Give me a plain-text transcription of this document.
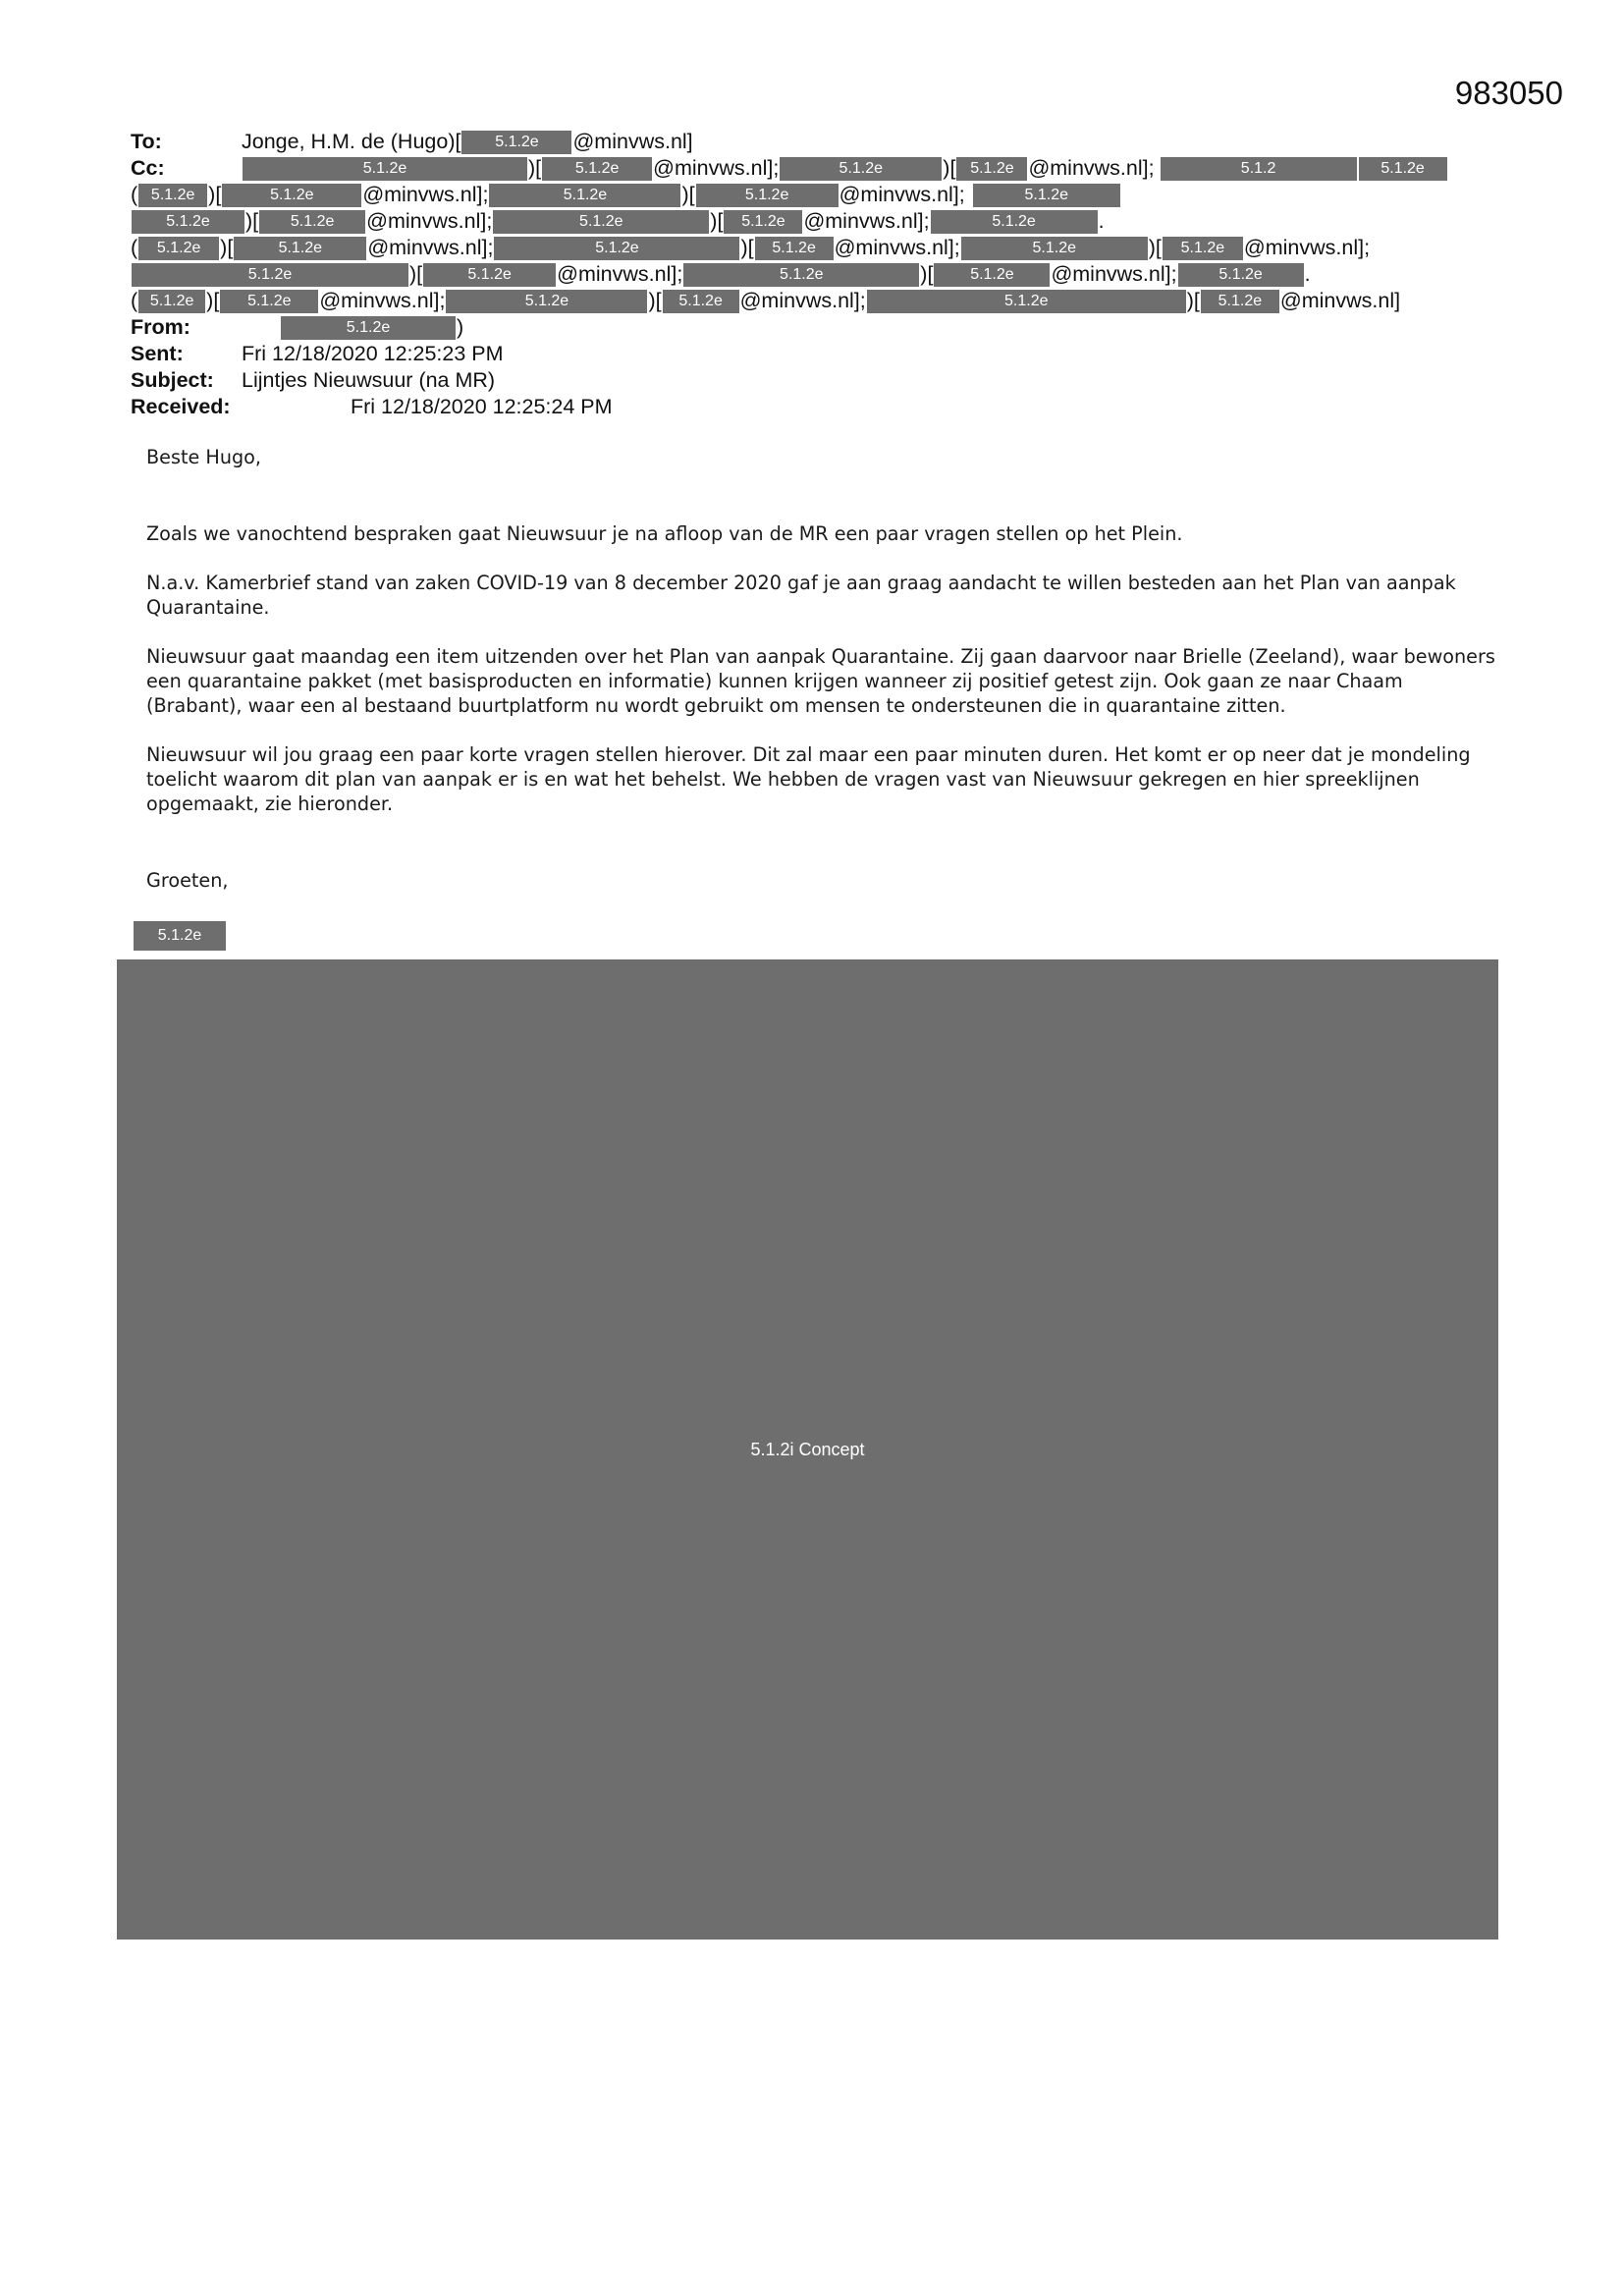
983050
To:	Jonge, H.M. de (Hugo)[	5.1.2e	@minvws.nl]
Cc:	5.1.2e	)[	5.1.2e	@minvws.nl];	5.1.2e	)[ 5.1.2e @minvws.nl];	5.1.2	5.1.2e
( 5.1.2e )[	5.1.2e	@minvws.nl];	5.1.2e	)[	5.1.2e	@minvws.nl];	5.1.2e
5.1.2e	)[	5.1.2e	@minvws.nl];	5.1.2e	)[	5.1.2e @minvws.nl];	5.1.2e	.
(	5.1.2e )[	5.1.2e	@minvws.nl];	5.1.2e	)[	5.1.2e @minvws.nl];	5.1.2e	)[	5.1.2e @minvws.nl];
5.1.2e	)[	5.1.2e	@minvws.nl];	5.1.2e	)[	5.1.2e	@minvws.nl];	5.1.2e	.
( 5.1.2e )[	5.1.2e	@minvws.nl];	5.1.2e	)[	5.1.2e @minvws.nl];	5.1.2e	)[	5.1.2e @minvws.nl]
From:	5.1.2e	)
Sent:	Fri 12/18/2020 12:25:23 PM
Subject:	Lijntjes Nieuwsuur (na MR)
Received:	Fri 12/18/2020 12:25:24 PM

Beste Hugo,

Zoals we vanochtend bespraken gaat Nieuwsuur je na afloop van de MR een paar vragen stellen op het Plein.

N.a.v. Kamerbrief stand van zaken COVID-19 van 8 december 2020 gaf je aan graag aandacht te willen besteden aan het Plan van aanpak Quarantaine.

Nieuwsuur gaat maandag een item uitzenden over het Plan van aanpak Quarantaine. Zij gaan daarvoor naar Brielle (Zeeland), waar bewoners een quarantaine pakket (met basisproducten en informatie) kunnen krijgen wanneer zij positief getest zijn. Ook gaan ze naar Chaam (Brabant), waar een al bestaand buurtplatform nu wordt gebruikt om mensen te ondersteunen die in quarantaine zitten.

Nieuwsuur wil jou graag een paar korte vragen stellen hierover. Dit zal maar een paar minuten duren. Het komt er op neer dat je mondeling toelicht waarom dit plan van aanpak er is en wat het behelst. We hebben de vragen vast van Nieuwsuur gekregen en hier spreeklijnen opgemaakt, zie hieronder.

Groeten,

5.1.2e
5.1.2i Concept
